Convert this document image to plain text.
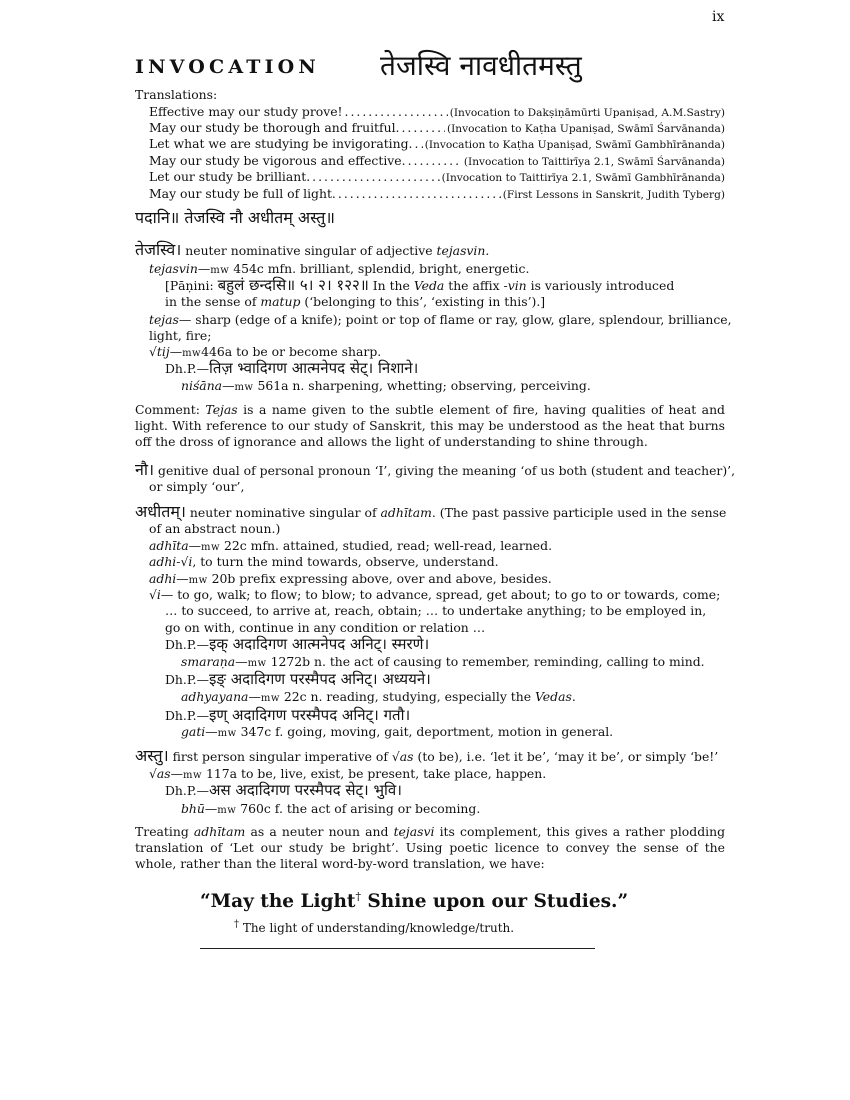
ix
INVOCATION तेजस्वि नावधीतमस्तु
Translations:
Effective may our study prove! .....	(Invocation to Dakṣiṇāmūrti Upaniṣad, A.M.Sastry)
May our study be thorough and fruitful. .....	(Invocation to Kaṭha Upaniṣad, Swāmī Śarvānanda)
Let what we are studying be invigorating. ..... (Invocation to Kaṭha Upaniṣad, Swāmī Gambhīrānanda)
May our study be vigorous and effective. .....	(Invocation to Taittirīya 2.1, Swāmī Śarvānanda)
Let our study be brilliant. .....	(Invocation to Taittirīya 2.1, Swāmī Gambhīrānanda)
May our study be full of light. .....	(First Lessons in Sanskrit, Judith Tyberg)
पदानि॥ तेजस्वि नौ अधीतम् अस्तु॥
तेजस्वि। neuter nominative singular of adjective tejasvin.
tejasvin—mw 454c mfn. brilliant, splendid, bright, energetic.
[Pāṇini: बहुलं छन्दसि॥ ५। २। १२२॥ In the Veda the affix -vin is variously introduced
in the sense of matup (‘belonging to this’, ‘existing in this’).]
tejas— sharp (edge of a knife); point or top of flame or ray, glow, glare, splendour, brilliance,
light, fire;
√tij—mw446a to be or become sharp.
Dh.P.—तिज़ भ्वादिगण आत्मनेपद सेट्। निशाने।
niśāna—mw 561a n. sharpening, whetting; observing, perceiving.
Comment: Tejas is a name given to the subtle element of fire, having qualities of heat and light. With reference to our study of Sanskrit, this may be understood as the heat that burns off the dross of ignorance and allows the light of understanding to shine through.
नौ। genitive dual of personal pronoun ‘I’, giving the meaning ‘of us both (student and teacher)’,
or simply ‘our’,
अधीतम्। neuter nominative singular of adhītam. (The past passive participle used in the sense
of an abstract noun.)
adhīta—mw 22c mfn. attained, studied, read; well-read, learned.
adhi-√i, to turn the mind towards, observe, understand.
adhi—mw 20b prefix expressing above, over and above, besides.
√i— to go, walk; to flow; to blow; to advance, spread, get about; to go to or towards, come;
… to succeed, to arrive at, reach, obtain; … to undertake anything; to be employed in,
go on with, continue in any condition or relation …
Dh.P.—इक् अदादिगण आत्मनेपद अनिट्। स्मरणे।
smaraṇa—mw 1272b n. the act of causing to remember, reminding, calling to mind.
Dh.P.—इङ् अदादिगण परस्मैपद अनिट्। अध्ययने।
adhyayana—mw 22c n. reading, studying, especially the Vedas.
Dh.P.—इण् अदादिगण परस्मैपद अनिट्। गतौ।
gati—mw 347c f. going, moving, gait, deportment, motion in general.
अस्तु। first person singular imperative of √as (to be), i.e. ‘let it be’, ‘may it be’, or simply ‘be!’
√as—mw 117a to be, live, exist, be present, take place, happen.
Dh.P.—अस अदादिगण परस्मैपद सेट्। भुवि।
bhū—mw 760c f. the act of arising or becoming.
Treating adhītam as a neuter noun and tejasvi its complement, this gives a rather plodding translation of ‘Let our study be bright’. Using poetic licence to convey the sense of the whole, rather than the literal word-by-word translation, we have:
“May the Light† Shine upon our Studies.”
† The light of understanding/knowledge/truth.
